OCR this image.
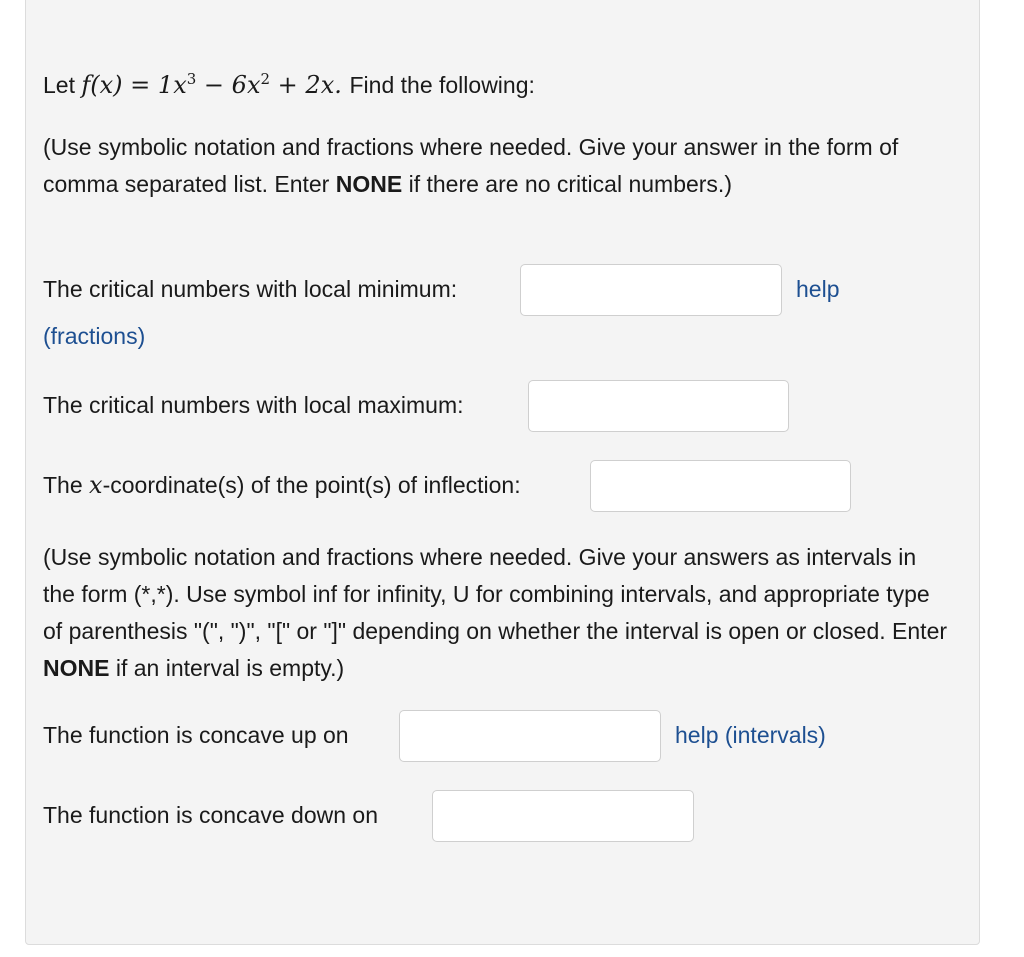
Let $f(x) = 1x^3 - 6x^2 + 2x$. Find the following:
(Use symbolic notation and fractions where needed. Give your answer in the form of comma separated list. Enter NONE if there are no critical numbers.)
The critical numbers with local minimum:	help
(fractions)
The critical numbers with local maximum:
The x-coordinate(s) of the point(s) of inflection:
(Use symbolic notation and fractions where needed. Give your answers as intervals in the form (*,*). Use symbol inf for infinity, U for combining intervals, and appropriate type of parenthesis "(", ")", "[" or "]" depending on whether the interval is open or closed. Enter NONE if an interval is empty.)
The function is concave up on	help (intervals)
The function is concave down on
